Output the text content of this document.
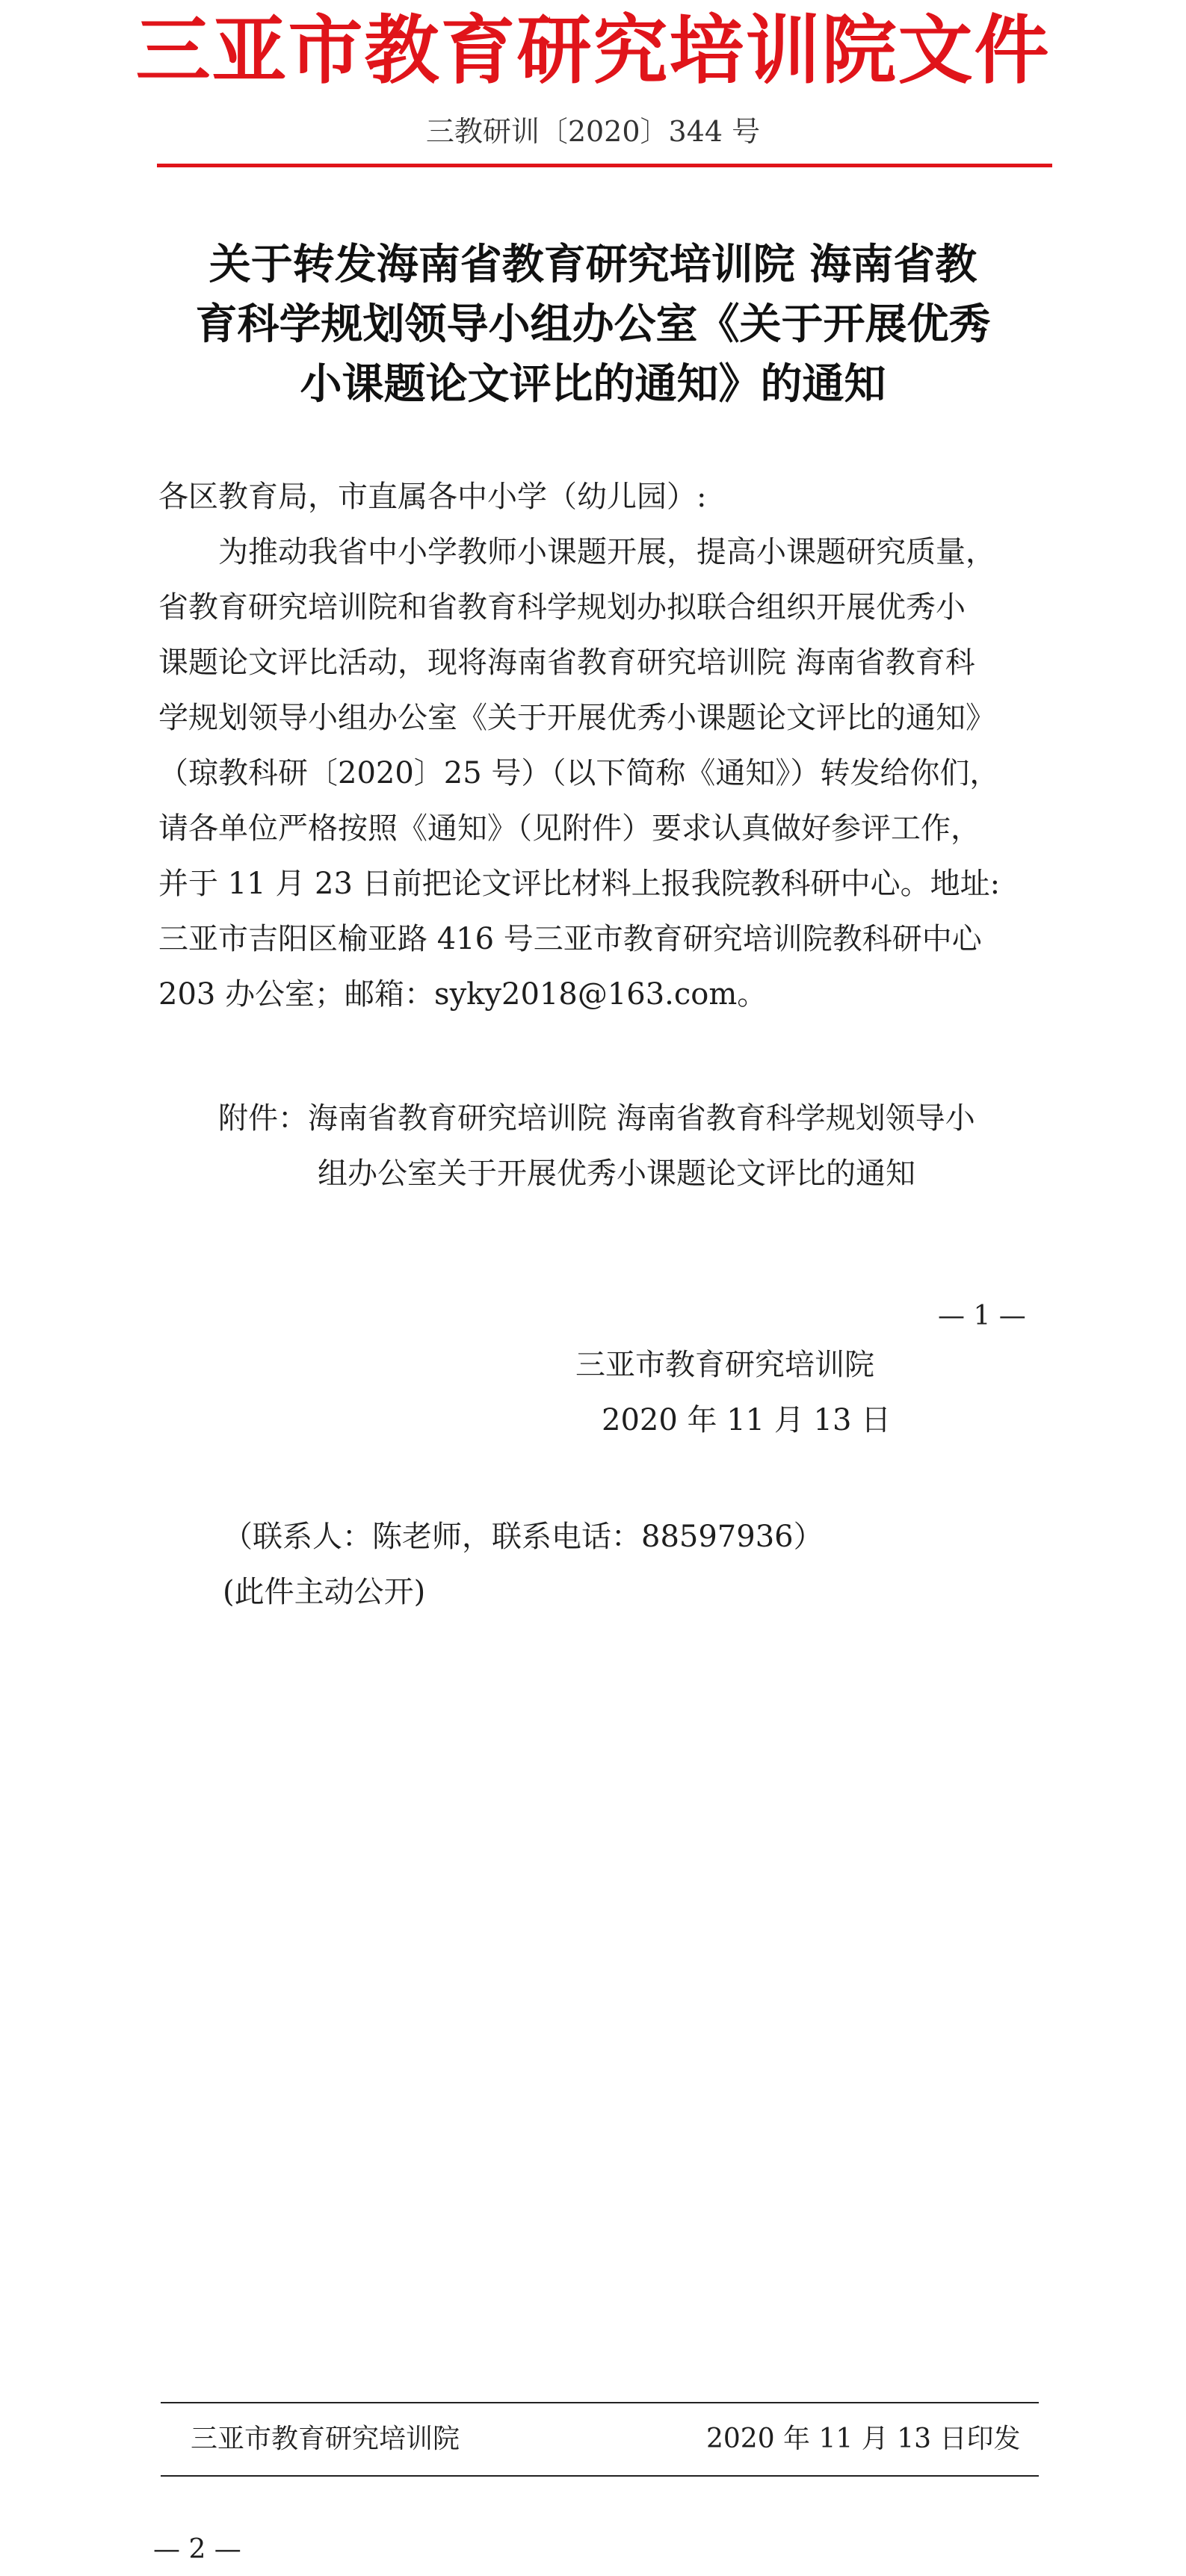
三亚市教育研究培训院文件
三教研训〔2020〕344 号
关于转发海南省教育研究培训院 海南省教
育科学规划领导小组办公室《关于开展优秀
小课题论文评比的通知》的通知
各区教育局，市直属各中小学（幼儿园）:
为推动我省中小学教师小课题开展，提高小课题研究质量，
省教育研究培训院和省教育科学规划办拟联合组织开展优秀小
课题论文评比活动，现将海南省教育研究培训院 海南省教育科
学规划领导小组办公室《关于开展优秀小课题论文评比的通知》
（琼教科研〔2020〕25 号）（以下简称《通知》）转发给你们，
请各单位严格按照《通知》（见附件）要求认真做好参评工作，
并于 11 月 23 日前把论文评比材料上报我院教科研中心。地址:
三亚市吉阳区榆亚路 416 号三亚市教育研究培训院教科研中心
203 办公室；邮箱：syky2018@163.com。
附件：海南省教育研究培训院 海南省教育科学规划领导小
组办公室关于开展优秀小课题论文评比的通知
— 1 —
三亚市教育研究培训院
2020 年 11 月 13 日
（联系人：陈老师，联系电话：88597936）
(此件主动公开)
三亚市教育研究培训院	2020 年 11 月 13 日印发
— 2 —
